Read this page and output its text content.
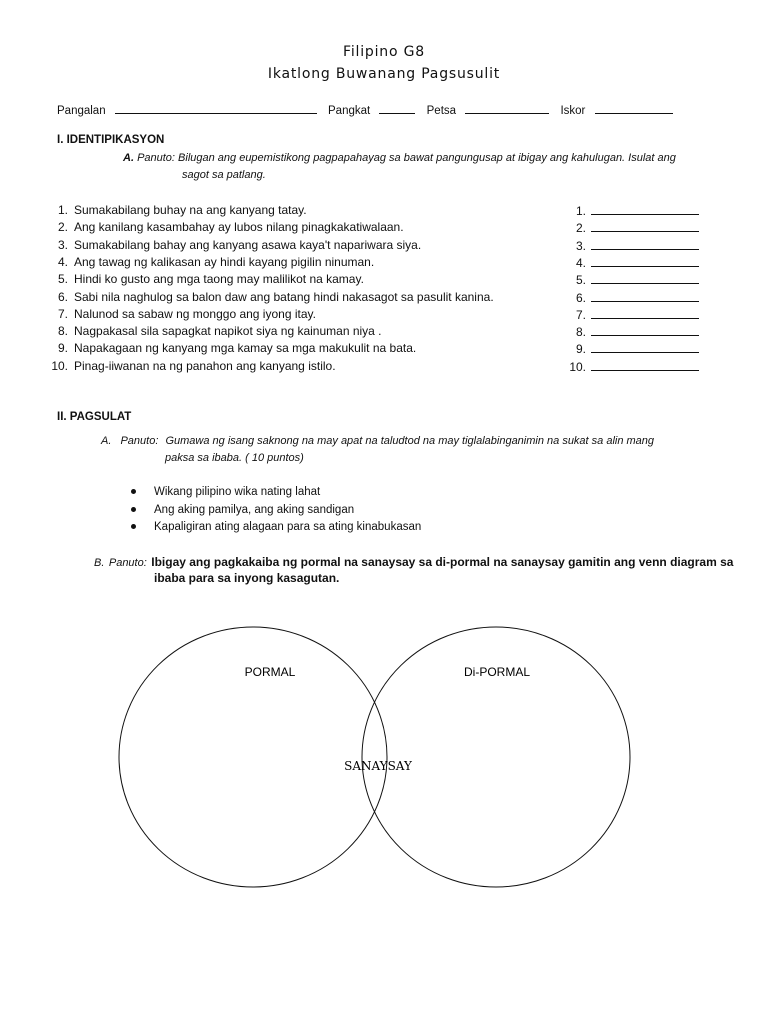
Filipino G8
Ikatlong Buwanang Pagsusulit
Pangalan	Pangkat	Petsa	Iskor
I. IDENTIPIKASYON
A. Panuto: Bilugan ang eupemistikong pagpapahayag sa bawat pangungusap at ibigay ang kahulugan. Isulat ang
sagot sa patlang.
1. Sumakabilang buhay na ang kanyang tatay.	1.
2. Ang kanilang kasambahay ay lubos nilang pinagkakatiwalaan.	2.
3. Sumakabilang bahay ang kanyang asawa kaya't napariwara siya.	3.
4. Ang tawag ng kalikasan ay hindi kayang pigilin ninuman.	4.
5. Hindi ko gusto ang mga taong may malilikot na kamay.	5.
6. Sabi nila naghulog sa balon daw ang batang hindi nakasagot sa pasulit kanina.	6.
7. Nalunod sa sabaw ng monggo ang iyong itay.	7.
8. Nagpakasal sila sapagkat napikot siya ng kainuman niya .	8.
9. Napakagaan ng kanyang mga kamay sa mga makukulit na bata.	9.
10. Pinag-iiwanan na ng panahon ang kanyang istilo.	10.
II. PAGSULAT
A. Panuto: Gumawa ng isang saknong na may apat na taludtod na may tiglalabinganimin na sukat sa alin mang
paksa sa ibaba. ( 10 puntos)
Wikang pilipino wika nating lahat
Ang aking pamilya, ang aking sandigan
Kapaligiran ating alagaan para sa ating kinabukasan
B. Panuto: Ibigay ang pagkakaiba ng pormal na sanaysay sa di-pormal na sanaysay gamitin ang venn diagram sa
ibaba para sa inyong kasagutan.
PORMAL	Di-PORMAL
SANAYSAY
